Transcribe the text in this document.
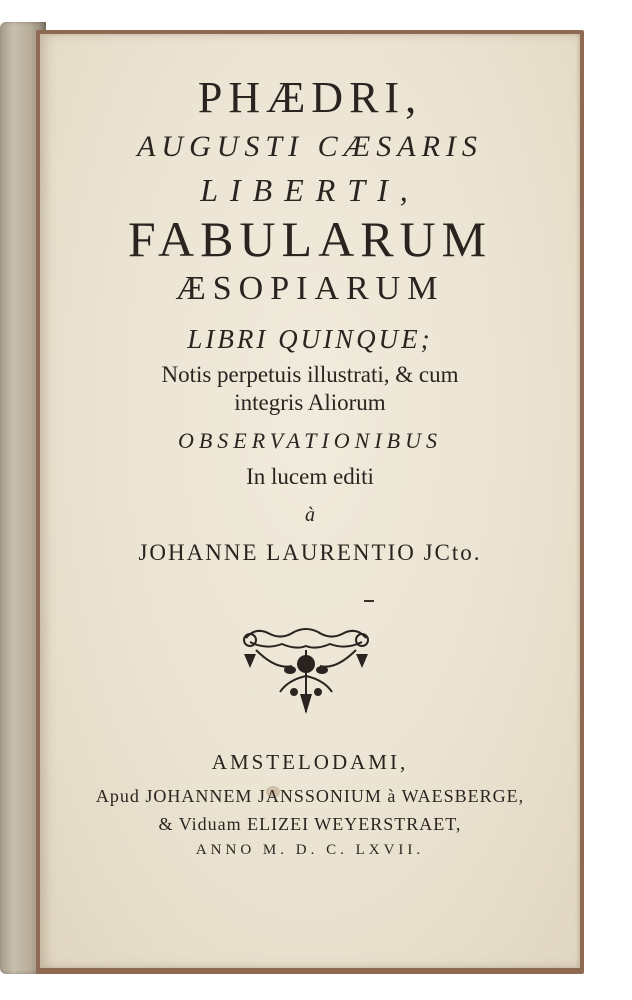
PHÆDRI,
AUGUSTI CÆSARIS
LIBERTI,
FABULARUM
ÆSOPIARUM
LIBRI QUINQUE;
Notis perpetuis illustrati, & cum
integris Aliorum
OBSERVATIONIBUS
In lucem editi
à
JOHANNE LAURENTIO JCto.
AMSTELODAMI,
Apud JOHANNEM JANSSONIUM à WAESBERGE,
& Viduam ELIZEI WEYERSTRAET,
ANNO M. D. C. LXVII.
